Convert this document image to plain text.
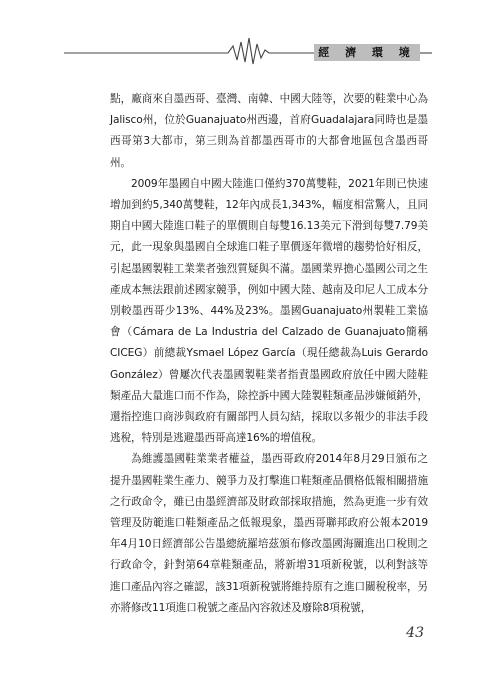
經 濟 環 境

點，廠商來自墨西哥、臺灣、南韓、中國大陸等，次要的鞋業中心為Jalisco州，位於Guanajuato州西邊，首府Guadalajara同時也是墨西哥第3大都市，第三則為首都墨西哥市的大都會地區包含墨西哥州。

2009年墨國自中國大陸進口僅約370萬雙鞋，2021年則已快速增加到約5,340萬雙鞋，12年內成長1,343%，幅度相當驚人，且同期自中國大陸進口鞋子的單價則自每雙16.13美元下滑到每雙7.79美元，此一現象與墨國自全球進口鞋子單價逐年微增的趨勢恰好相反，引起墨國製鞋工業業者強烈質疑與不滿。墨國業界擔心墨國公司之生產成本無法跟前述國家競爭，例如中國大陸、越南及印尼人工成本分別較墨西哥少13%、44%及23%。墨國Guanajuato州製鞋工業協會（Cámara de La Industria del Calzado de Guanajuato簡稱CICEG）前總裁Ysmael López García（現任總裁為Luis Gerardo González）曾屢次代表墨國製鞋業者指責墨國政府放任中國大陸鞋類產品大量進口而不作為，除控訴中國大陸製鞋類產品涉嫌傾銷外，還指控進口商涉與政府有關部門人員勾結，採取以多報少的非法手段逃稅，特別是逃避墨西哥高達16%的增值稅。

為維護墨國鞋業業者權益，墨西哥政府2014年8月29日頒布之提升墨國鞋業生產力、競爭力及打擊進口鞋類產品價格低報相關措施之行政命令，雖已由墨經濟部及財政部採取措施，然為更進一步有效管理及防範進口鞋類產品之低報現象，墨西哥聯邦政府公報本2019年4月10日經濟部公告墨總統羅培茲頒布修改墨國海關進出口稅則之行政命令，針對第64章鞋類產品，將新增31項新稅號，以利對該等進口產品內容之確認，該31項新稅號將維持原有之進口關稅稅率，另亦將修改11項進口稅號之產品內容敘述及廢除8項稅號，

43
